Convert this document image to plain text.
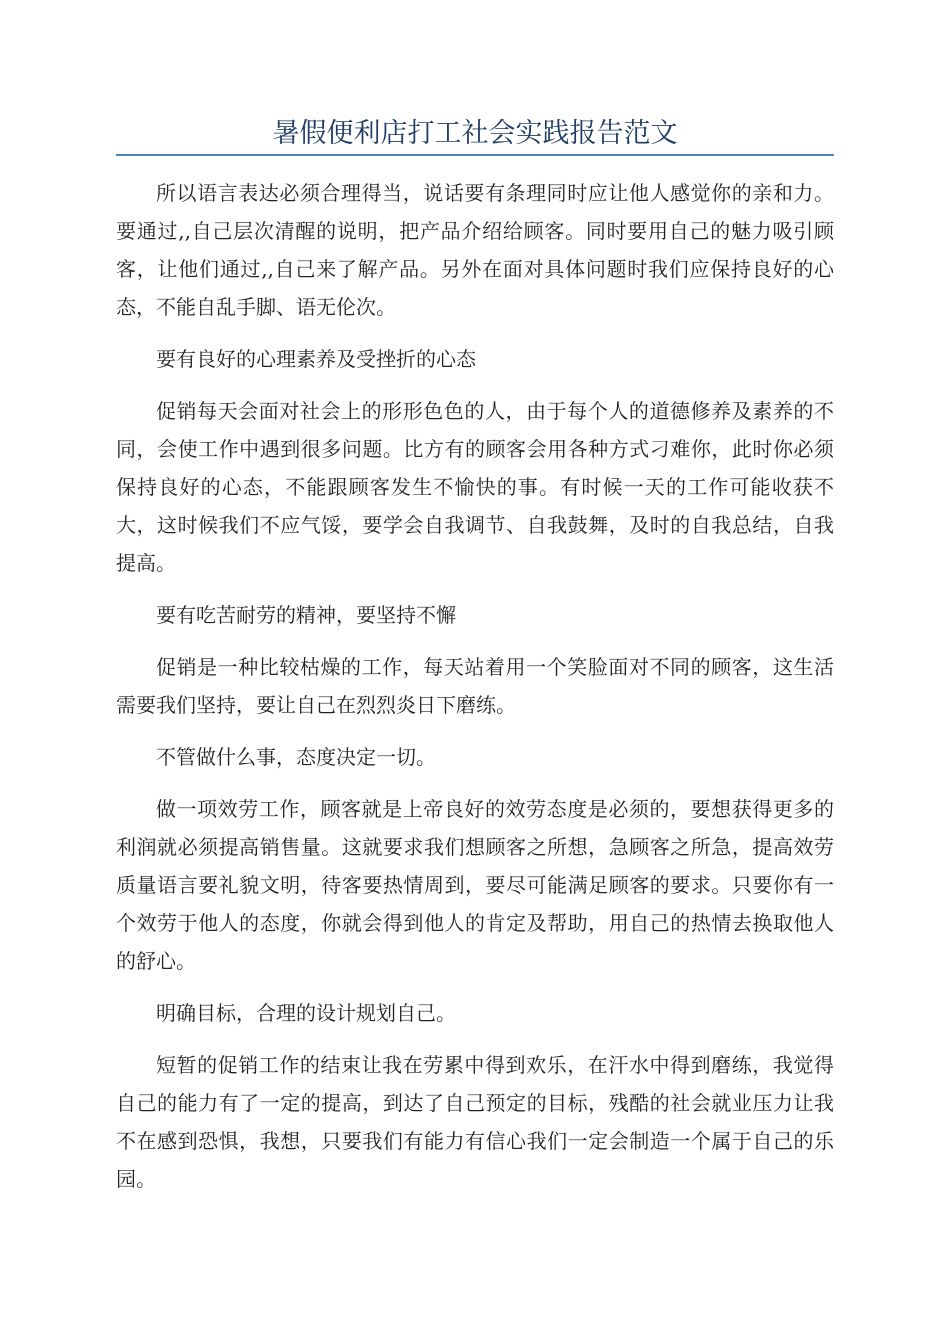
暑假便利店打工社会实践报告范文

所以语言表达必须合理得当，说话要有条理同时应让他人感觉你的亲和力。要通过,,自己层次清醒的说明，把产品介绍给顾客。同时要用自己的魅力吸引顾客，让他们通过,,自己来了解产品。另外在面对具体问题时我们应保持良好的心态，不能自乱手脚、语无伦次。

要有良好的心理素养及受挫折的心态

促销每天会面对社会上的形形色色的人，由于每个人的道德修养及素养的不同，会使工作中遇到很多问题。比方有的顾客会用各种方式刁难你，此时你必须保持良好的心态，不能跟顾客发生不愉快的事。有时候一天的工作可能收获不大，这时候我们不应气馁，要学会自我调节、自我鼓舞，及时的自我总结，自我提高。

要有吃苦耐劳的精神，要坚持不懈

促销是一种比较枯燥的工作，每天站着用一个笑脸面对不同的顾客，这生活需要我们坚持，要让自己在烈烈炎日下磨练。

不管做什么事，态度决定一切。

做一项效劳工作，顾客就是上帝良好的效劳态度是必须的，要想获得更多的利润就必须提高销售量。这就要求我们想顾客之所想，急顾客之所急，提高效劳质量语言要礼貌文明，待客要热情周到，要尽可能满足顾客的要求。只要你有一个效劳于他人的态度，你就会得到他人的肯定及帮助，用自己的热情去换取他人的舒心。

明确目标，合理的设计规划自己。

短暂的促销工作的结束让我在劳累中得到欢乐，在汗水中得到磨练，我觉得自己的能力有了一定的提高，到达了自己预定的目标，残酷的社会就业压力让我不在感到恐惧，我想，只要我们有能力有信心我们一定会制造一个属于自己的乐园。
